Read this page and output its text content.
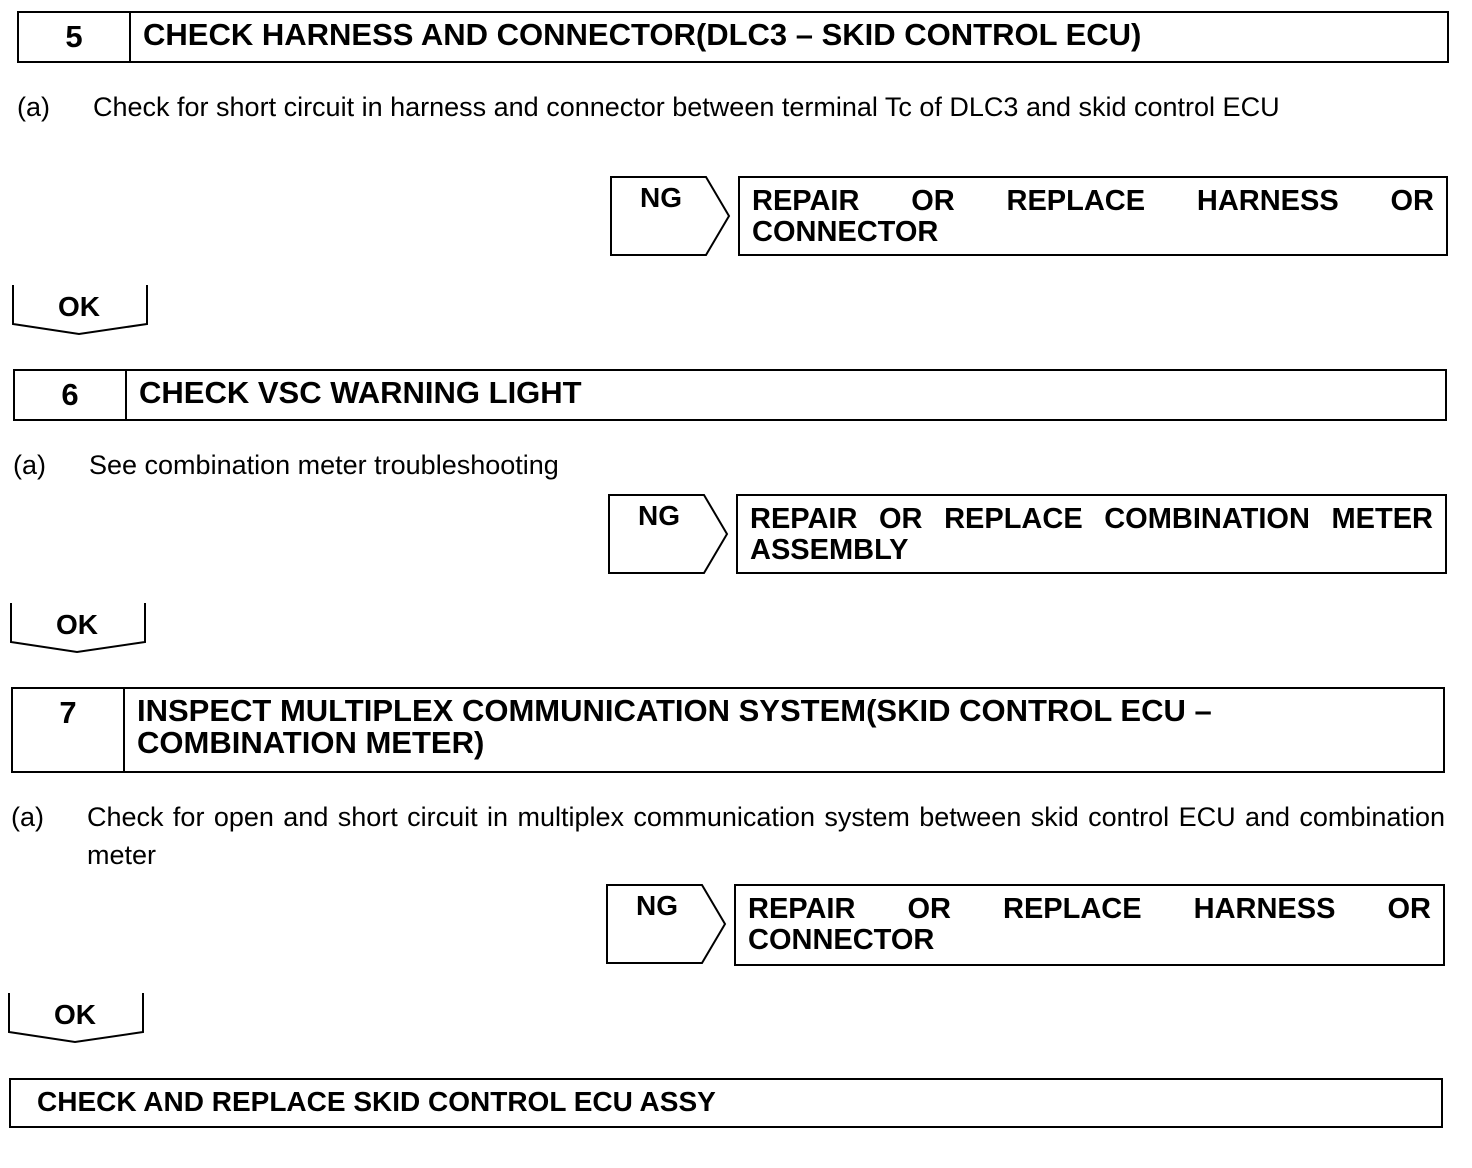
5	CHECK HARNESS AND CONNECTOR(DLC3 – SKID CONTROL ECU)
(a)	Check for short circuit in harness and connector between terminal Tc of DLC3 and skid control ECU
NG	REPAIR OR REPLACE HARNESS OR CONNECTOR
OK
6	CHECK VSC WARNING LIGHT
(a)	See combination meter troubleshooting
NG	REPAIR OR REPLACE COMBINATION METER ASSEMBLY
OK
7	INSPECT MULTIPLEX COMMUNICATION SYSTEM(SKID CONTROL ECU – COMBINATION METER)
(a)	Check for open and short circuit in multiplex communication system between skid control ECU and combination meter
NG	REPAIR OR REPLACE HARNESS OR CONNECTOR
OK
CHECK AND REPLACE SKID CONTROL ECU ASSY
